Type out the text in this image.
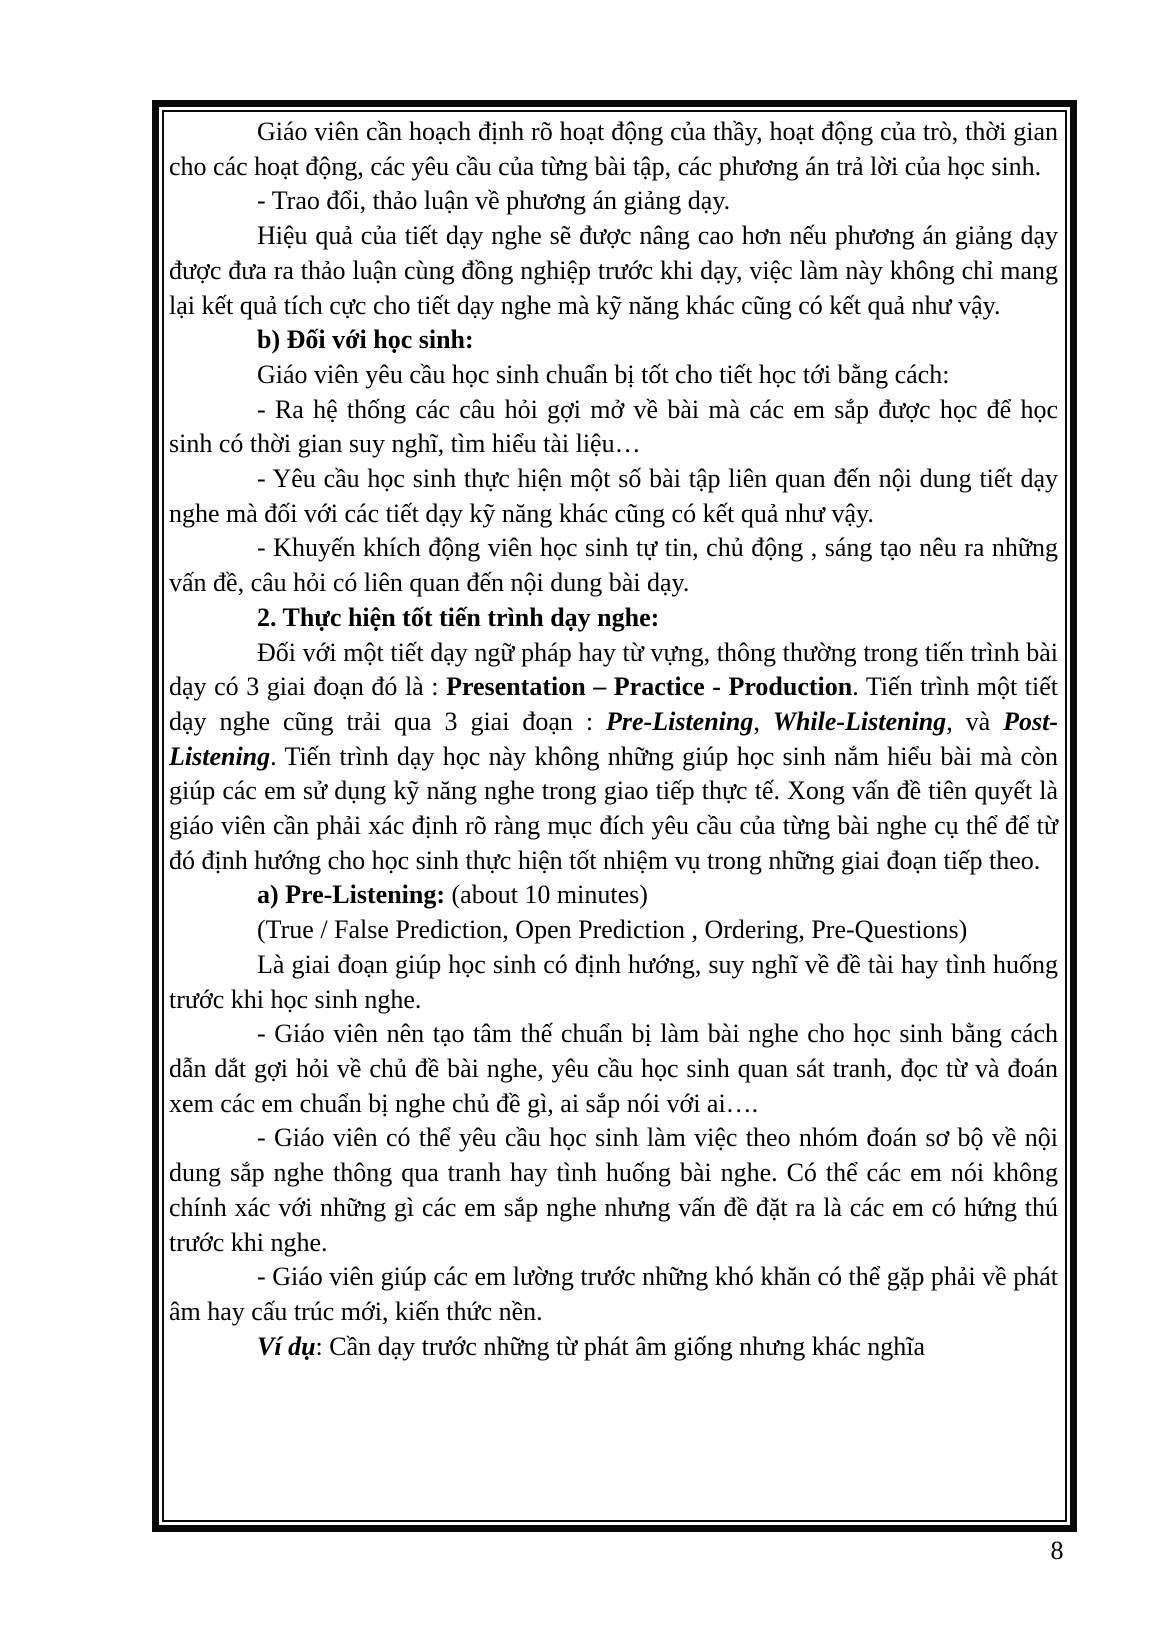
Giáo viên cần hoạch định rõ hoạt động của thầy, hoạt động của trò, thời gian cho các hoạt động, các yêu cầu của từng bài tập, các phương án trả lời của học sinh.

- Trao đổi, thảo luận về phương án giảng dạy.

Hiệu quả của tiết dạy nghe sẽ được nâng cao hơn nếu phương án giảng dạy được đưa ra thảo luận cùng đồng nghiệp trước khi dạy, việc làm này không chỉ mang lại kết quả tích cực cho tiết dạy nghe mà kỹ năng khác cũng có kết quả như vậy.

b) Đối với học sinh:

Giáo viên yêu cầu học sinh chuẩn bị tốt cho tiết học tới bằng cách:

- Ra hệ thống các câu hỏi gợi mở về bài mà các em sắp được học để học sinh có thời gian suy nghĩ, tìm hiểu tài liệu…

- Yêu cầu học sinh thực hiện một số bài tập liên quan đến nội dung tiết dạy nghe mà đối với các tiết dạy kỹ năng khác cũng có kết quả như vậy.

- Khuyến khích động viên học sinh tự tin, chủ động , sáng tạo nêu ra những vấn đề, câu hỏi có liên quan đến nội dung bài dạy.

2. Thực hiện tốt tiến trình dạy nghe:

Đối với một tiết dạy ngữ pháp hay từ vựng, thông thường trong tiến trình bài dạy có 3 giai đoạn đó là : Presentation – Practice - Production. Tiến trình một tiết dạy nghe cũng trải qua 3 giai đoạn : Pre-Listening, While-Listening, và Post-Listening. Tiến trình dạy học này không những giúp học sinh nắm hiểu bài mà còn giúp các em sử dụng kỹ năng nghe trong giao tiếp thực tế. Xong vấn đề tiên quyết là giáo viên cần phải xác định rõ ràng mục đích yêu cầu của từng bài nghe cụ thể để từ đó định hướng cho học sinh thực hiện tốt nhiệm vụ trong những giai đoạn tiếp theo.

a) Pre-Listening: (about 10 minutes)

(True / False Prediction, Open Prediction , Ordering, Pre-Questions)

Là giai đoạn giúp học sinh có định hướng, suy nghĩ về đề tài hay tình huống trước khi học sinh nghe.

- Giáo viên nên tạo tâm thế chuẩn bị làm bài nghe cho học sinh bằng cách dẫn dắt gợi hỏi về chủ đề bài nghe, yêu cầu học sinh quan sát tranh, đọc từ và đoán xem các em chuẩn bị nghe chủ đề gì, ai sắp nói với ai….

- Giáo viên có thể yêu cầu học sinh làm việc theo nhóm đoán sơ bộ về nội dung sắp nghe thông qua tranh hay tình huống bài nghe. Có thể các em nói không chính xác với những gì các em sắp nghe nhưng vấn đề đặt ra là các em có hứng thú trước khi nghe.

- Giáo viên giúp các em lường trước những khó khăn có thể gặp phải về phát âm hay cấu trúc mới, kiến thức nền.

Ví dụ: Cần dạy trước những từ phát âm giống nhưng khác nghĩa

8
